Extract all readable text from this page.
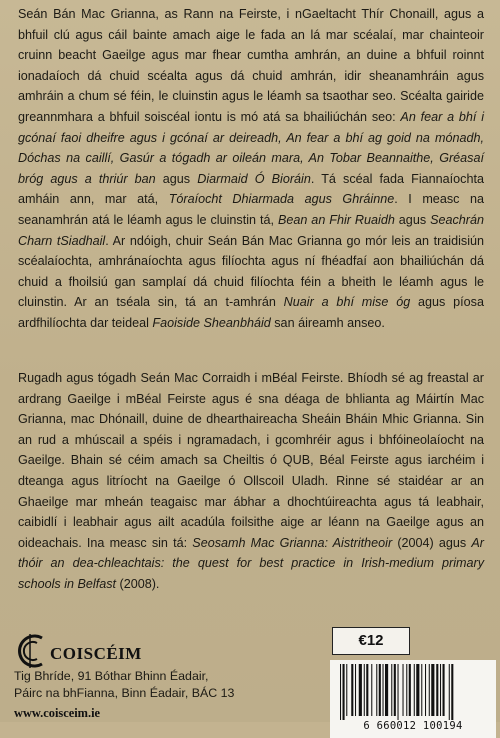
Seán Bán Mac Grianna, as Rann na Feirste, i nGaeltacht Thír Chonaill, agus a bhfuil clú agus cáil bainte amach aige le fada an lá mar scéalaí, mar chainteoir cruinn beacht Gaeilge agus mar fhear cumtha amhrán, an duine a bhfuil roinnt ionadaíoch dá chuid scéalta agus dá chuid amhrán, idir sheanamhráin agus amhráin a chum sé féin, le cluinstin agus le léamh sa tsaothar seo. Scéalta gairide greannmhara a bhfuil soiscéal iontu is mó atá sa bhailiúchán seo: An fear a bhí i gcónaí faoi dheifre agus i gcónaí ar deireadh, An fear a bhí ag goid na mónadh, Dóchas na caillí, Gasúr a tógadh ar oileán mara, An Tobar Beannaithe, Gréasaí bróg agus a thriúr ban agus Diarmaid Ó Bioráin. Tá scéal fada Fiannaíochta amháin ann, mar atá, Tóraíocht Dhiarmada agus Ghráinne. I measc na seanamhrán atá le léamh agus le cluinstin tá, Bean an Fhir Ruaidh agus Seachrán Charn tSiadhail. Ar ndóigh, chuir Seán Bán Mac Grianna go mór leis an traidisiún scéalaíochta, amhránaíochta agus filíochta agus ní fhéadfaí aon bhailiúchán dá chuid a fhoilsiú gan samplaí dá chuid filíochta féin a bheith le léamh agus le cluinstin. Ar an tséala sin, tá an t-amhrán Nuair a bhí mise óg agus píosa ardfhilíochta dar teideal Faoiside Sheanbháid san áireamh anseo.

Rugadh agus tógadh Seán Mac Corraidh i mBéal Feirste. Bhíodh sé ag freastal ar ardrang Gaeilge i mBéal Feirste agus é sna déaga de bhlianta ag Máirtín Mac Grianna, mac Dhónaill, duine de dhearthaireacha Sheáin Bháin Mhic Grianna. Sin an rud a mhúscail a spéis i ngramadach, i gcomhréir agus i bhfóineolaíocht na Gaeilge. Bhain sé céim amach sa Cheiltis ó QUB, Béal Feirste agus iarchéim i dteanga agus litríocht na Gaeilge ó Ollscoil Uladh. Rinne sé staidéar ar an Ghaeilge mar mheán teagaisc mar ábhar a dhochtúireachta agus tá leabhair, caibidlí i leabhair agus ailt acadúla foilsithe aige ar léann na Gaeilge agus an oideachais. Ina measc sin tá: Seosamh Mac Grianna: Aistritheoir (2004) agus Ar thóir an dea-chleachtais: the quest for best practice in Irish-medium primary schools in Belfast (2008).

COISCÉIM
Tig Bhríde, 91 Bóthar Bhinn Éadair,
Páirc na bhFianna, Binn Éadair, BÁC 13
www.coisceim.ie
€12
6 660012 100194
